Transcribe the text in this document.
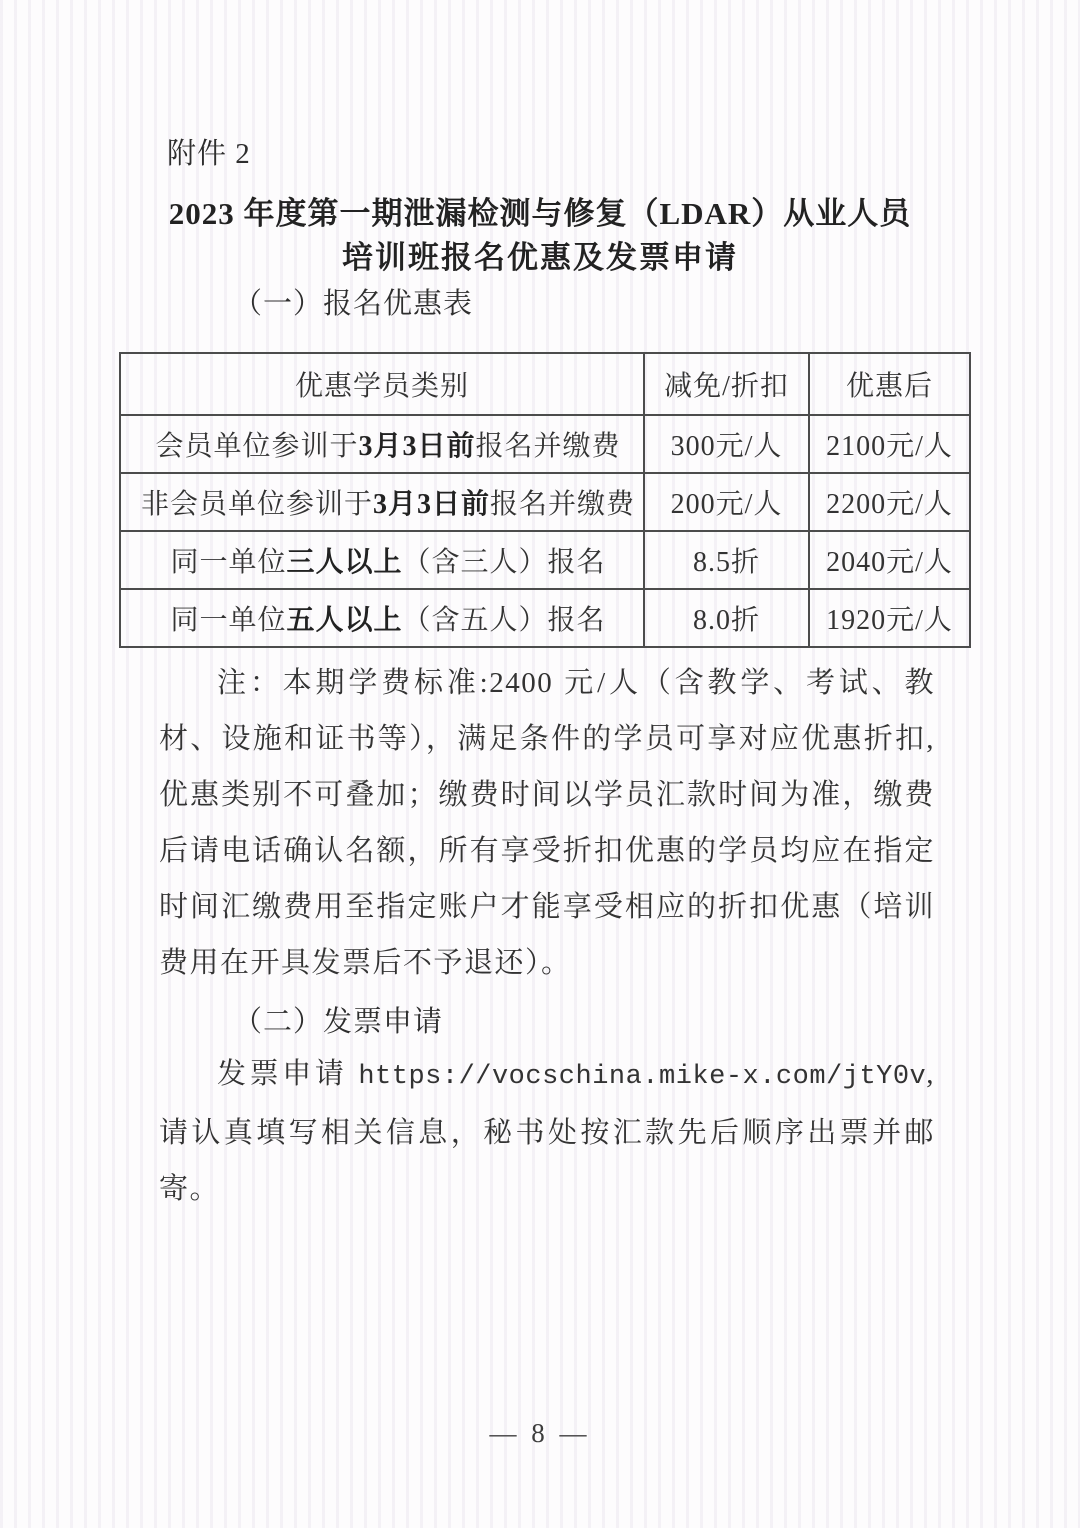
附件 2
2023 年度第一期泄漏检测与修复（LDAR）从业人员
培训班报名优惠及发票申请
（一）报名优惠表
优惠学员类别	减免/折扣	优惠后
会员单位参训于3月3日前报名并缴费	300元/人	2100元/人
非会员单位参训于3月3日前报名并缴费	200元/人	2200元/人
同一单位三人以上（含三人）报名	8.5折	2040元/人
同一单位五人以上（含五人）报名	8.0折	1920元/人
注：本期学费标准:2400 元/人（含教学、考试、教材、设施和证书等），满足条件的学员可享对应优惠折扣,优惠类别不可叠加；缴费时间以学员汇款时间为准，缴费后请电话确认名额，所有享受折扣优惠的学员均应在指定时间汇缴费用至指定账户才能享受相应的折扣优惠（培训费用在开具发票后不予退还）。
（二）发票申请
发票申请 https://vocschina.mike-x.com/jtY0v, 请认真填写相关信息，秘书处按汇款先后顺序出票并邮寄。
— 8 —
